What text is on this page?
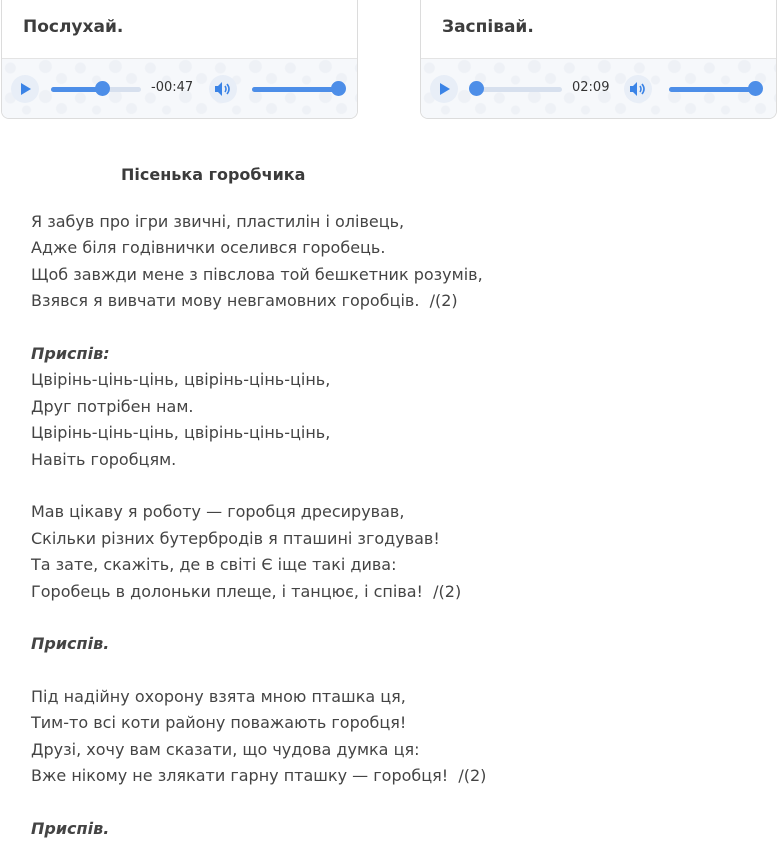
Послухай.
-00:47
Заспівай.
02:09
Пісенька горобчика
Я забув про ігри звичні, пластилін і олівець,
Адже біля годівнички оселився горобець.
Щоб завжди мене з півслова той бешкетник розумів,
Взявся я вивчати мову невгамовних горобців.  /(2)
Приспів:
Цвірінь-цінь-цінь, цвірінь-цінь-цінь,
Друг потрібен нам.
Цвірінь-цінь-цінь, цвірінь-цінь-цінь,
Навіть горобцям.
Мав цікаву я роботу — горобця дресирував,
Скільки різних бутербродів я пташині згодував!
Та зате, скажіть, де в світі Є іще такі дива:
Горобець в долоньки плеще, і танцює, і співа!  /(2)
Приспів.
Під надійну охорону взята мною пташка ця,
Тим-то всі коти району поважають горобця!
Друзі, хочу вам сказати, що чудова думка ця:
Вже нікому не злякати гарну пташку — горобця!  /(2)
Приспів.
